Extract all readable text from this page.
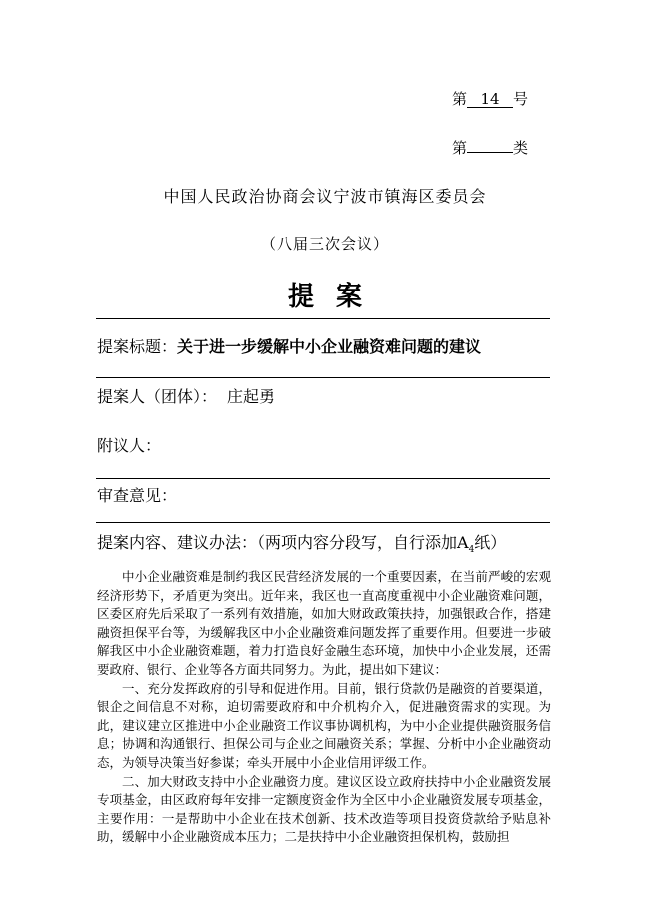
第 14 号
第	类
中国人民政治协商会议宁波市镇海区委员会
（八届三次会议）
提案
提案标题：关于进一步缓解中小企业融资难问题的建议
提案人（团体）： 庄起勇
附议人：
审查意见：
提案内容、建议办法：（两项内容分段写，自行添加$A_4$纸）

中小企业融资难是制约我区民营经济发展的一个重要因素，在当前严峻的宏观经济形势下，矛盾更为突出。近年来，我区也一直高度重视中小企业融资难问题，区委区府先后采取了一系列有效措施，如加大财政政策扶持，加强银政合作，搭建融资担保平台等，为缓解我区中小企业融资难问题发挥了重要作用。但要进一步破解我区中小企业融资难题，着力打造良好金融生态环境，加快中小企业发展，还需要政府、银行、企业等各方面共同努力。为此，提出如下建议：

一、充分发挥政府的引导和促进作用。目前，银行贷款仍是融资的首要渠道，银企之间信息不对称，迫切需要政府和中介机构介入，促进融资需求的实现。为此，建议建立区推进中小企业融资工作议事协调机构，为中小企业提供融资服务信息；协调和沟通银行、担保公司与企业之间融资关系；掌握、分析中小企业融资动态，为领导决策当好参谋；牵头开展中小企业信用评级工作。

二、加大财政支持中小企业融资力度。建议区设立政府扶持中小企业融资发展专项基金，由区政府每年安排一定额度资金作为全区中小企业融资发展专项基金，主要作用：一是帮助中小企业在技术创新、技术改造等项目投资贷款给予贴息补助，缓解中小企业融资成本压力；二是扶持中小企业融资担保机构，鼓励担
